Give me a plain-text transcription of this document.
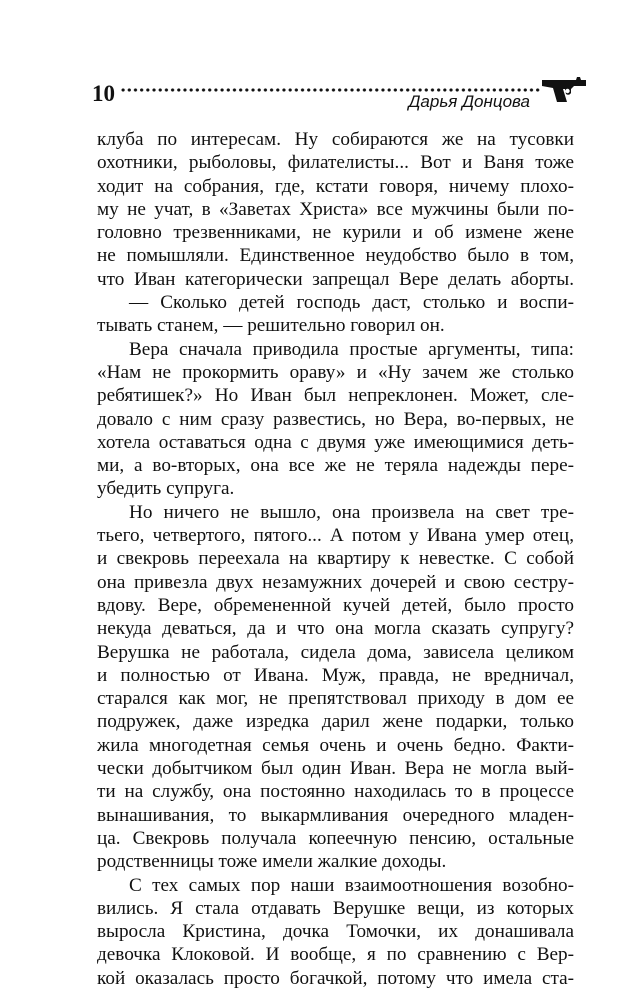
10	Дарья Донцова
клуба по интересам. Ну собираются же на тусовки
охотники, рыболовы, филателисты... Вот и Ваня тоже
ходит на собрания, где, кстати говоря, ничему плохо-
му не учат, в «Заветах Христа» все мужчины были по-
головно трезвенниками, не курили и об измене жене
не помышляли. Единственное неудобство было в том,
что Иван категорически запрещал Вере делать аборты.
— Сколько детей господь даст, столько и воспи-
тывать станем, — решительно говорил он.
Вера сначала приводила простые аргументы, типа:
«Нам не прокормить ораву» и «Ну зачем же столько
ребятишек?» Но Иван был непреклонен. Может, сле-
довало с ним сразу развестись, но Вера, во-первых, не
хотела оставаться одна с двумя уже имеющимися деть-
ми, а во-вторых, она все же не теряла надежды пере-
убедить супруга.
Но ничего не вышло, она произвела на свет тре-
тьего, четвертого, пятого... А потом у Ивана умер отец,
и свекровь переехала на квартиру к невестке. С собой
она привезла двух незамужних дочерей и свою сестру-
вдову. Вере, обремененной кучей детей, было просто
некуда деваться, да и что она могла сказать супругу?
Верушка не работала, сидела дома, зависела целиком
и полностью от Ивана. Муж, правда, не вредничал,
старался как мог, не препятствовал приходу в дом ее
подружек, даже изредка дарил жене подарки, только
жила многодетная семья очень и очень бедно. Факти-
чески добытчиком был один Иван. Вера не могла вый-
ти на службу, она постоянно находилась то в процессе
вынашивания, то выкармливания очередного младен-
ца. Свекровь получала копеечную пенсию, остальные
родственницы тоже имели жалкие доходы.
С тех самых пор наши взаимоотношения возобно-
вились. Я стала отдавать Верушке вещи, из которых
выросла Кристина, дочка Томочки, их донашивала
девочка Клоковой. И вообще, я по сравнению с Вер-
кой оказалась просто богачкой, потому что имела ста-
